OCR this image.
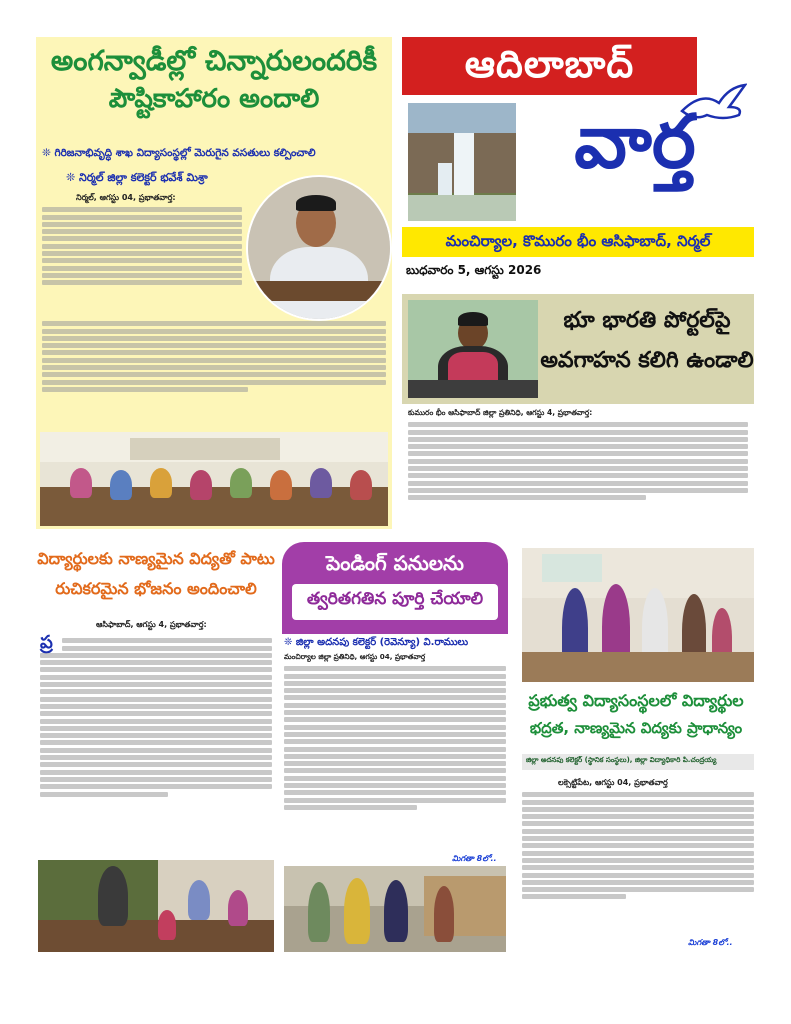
అంగన్వాడీల్లో చిన్నారులందరికీ
పౌష్టికాహారం అందాలి
❊ గిరిజనాభివృద్ధి శాఖ విద్యాసంస్థల్లో మెరుగైన వసతులు కల్పించాలి
❊ నిర్మల్ జిల్లా కలెక్టర్ భవేశ్ మిశ్రా
నిర్మల్, ఆగస్టు 04, ప్రభాతవార్త:
ఆదిలాబాద్
వార్త
మంచిర్యాల, కొమురం భీం ఆసిఫాబాద్, నిర్మల్
బుధవారం 5, ఆగస్టు 2026
భూ భారతి పోర్టల్‌పై
అవగాహన కలిగి ఉండాలి
కుమురం భీం ఆసిఫాబాద్ జిల్లా ప్రతినిధి, ఆగస్టు 4, ప్రభాతవార్త:
విద్యార్థులకు నాణ్యమైన విద్యతో పాటు
రుచికరమైన భోజనం అందించాలి
ఆసిఫాబాద్, ఆగస్టు 4, ప్రభాతవార్త:
ప్ర
పెండింగ్ పనులను
త్వరితగతిన పూర్తి చేయాలి
❊ జిల్లా అదనపు కలెక్టర్ (రెవెన్యూ) వి.రాములు
మంచిర్యాల జిల్లా ప్రతినిధి, ఆగస్టు 04, ప్రభాతవార్త
మిగతా 8లో..
ప్రభుత్వ విద్యాసంస్థలలో విద్యార్థుల
భద్రత, నాణ్యమైన విద్యకు ప్రాధాన్యం
జిల్లా అదనపు కలెక్టర్ (స్థానిక సంస్థలు), జిల్లా విద్యాధికారి పి.చంద్రయ్య
లక్సెట్టిపేట, ఆగస్టు 04, ప్రభాతవార్త
మిగతా 8లో..
